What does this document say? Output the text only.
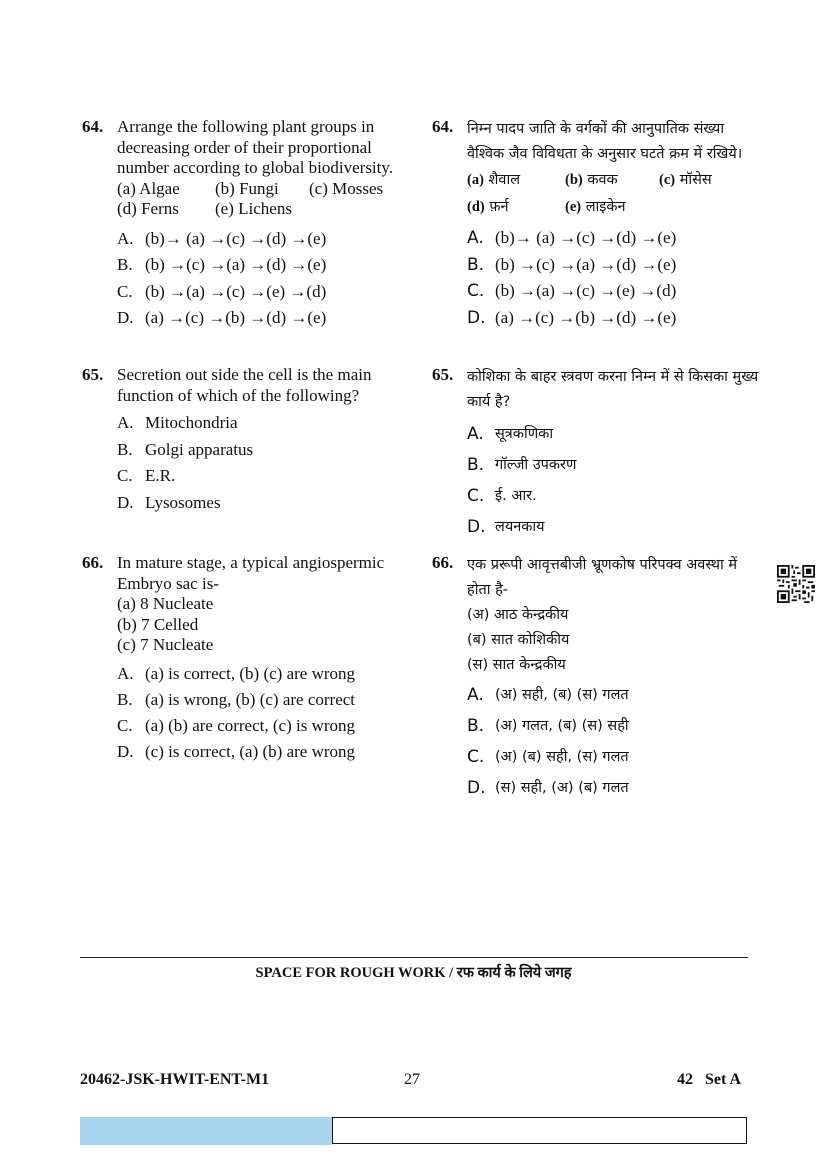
64. Arrange the following plant groups in decreasing order of their proportional number according to global biodiversity.
(a) Algae	(b) Fungi	(c) Mosses
(d) Ferns	(e) Lichens
A. (b)→ (a) →(c) →(d) →(e)
B. (b) →(c) →(a) →(d) →(e)
C. (b) →(a) →(c) →(e) →(d)
D. (a) →(c) →(b) →(d) →(e)
65. Secretion out side the cell is the main function of which of the following?
A. Mitochondria
B. Golgi apparatus
C. E.R.
D. Lysosomes
66. In mature stage, a typical angiospermic Embryo sac is-
(a) 8 Nucleate
(b) 7 Celled
(c) 7 Nucleate
A. (a) is correct, (b) (c) are wrong
B. (a) is wrong, (b) (c) are correct
C. (a) (b) are correct, (c) is wrong
D. (c) is correct, (a) (b) are wrong
64. निम्न पादप जाति के वर्गकों की आनुपातिक संख्या वैश्विक जैव विविधता के अनुसार घटते क्रम में रखिये।
(a) शैवाल	(b) कवक	(c) मॉसेस
(d) फ़र्न	(e) लाइकेन
A. (b)→ (a) →(c) →(d) →(e)
B. (b) →(c) →(a) →(d) →(e)
C. (b) →(a) →(c) →(e) →(d)
D. (a) →(c) →(b) →(d) →(e)
65. कोशिका के बाहर स्त्रवण करना निम्न में से किसका मुख्य कार्य है?
A. सूत्रकणिका
B. गॉल्जी उपकरण
C. ई. आर.
D. लयनकाय
66. एक प्ररूपी आवृत्तबीजी भ्रूणकोष परिपक्व अवस्था में होता है-
(अ) आठ केन्द्रकीय
(ब) सात कोशिकीय
(स) सात केन्द्रकीय
A. (अ) सही, (ब) (स) गलत
B. (अ) गलत, (ब) (स) सही
C. (अ) (ब) सही, (स) गलत
D. (स) सही, (अ) (ब) गलत
SPACE FOR ROUGH WORK / रफ कार्य के लिये जगह
20462-JSK-HWIT-ENT-M1	27	42   Set A
